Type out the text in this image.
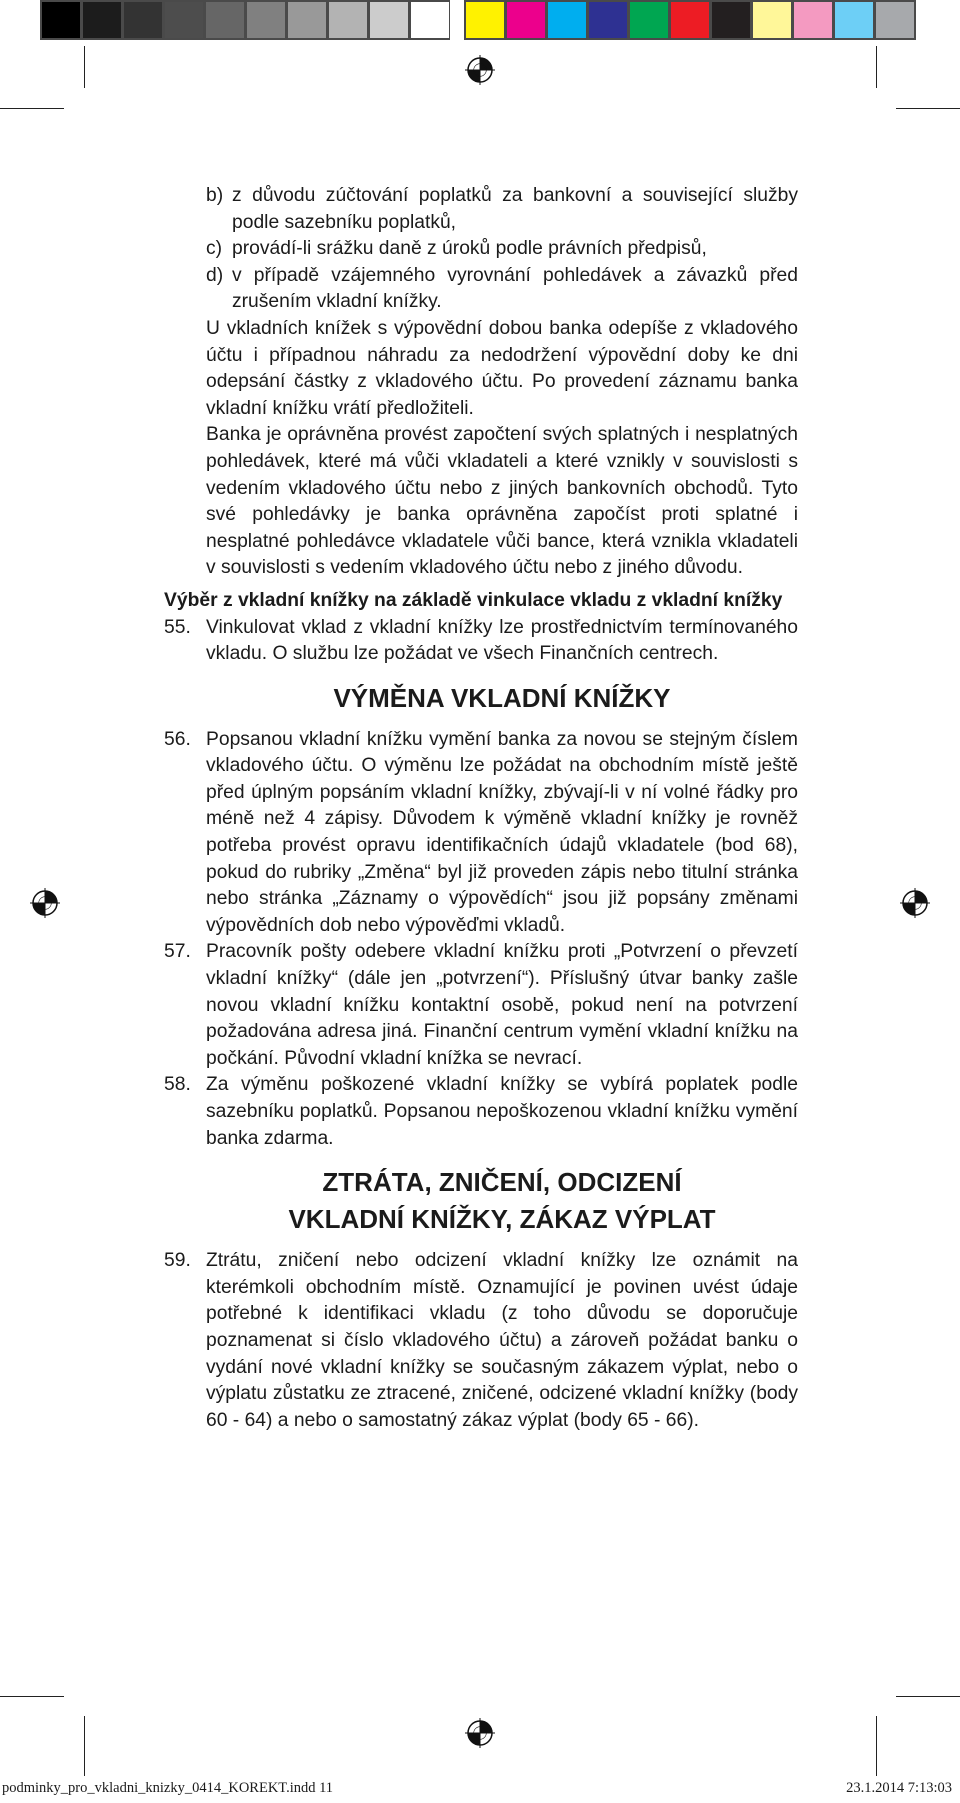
b) z důvodu zúčtování poplatků za bankovní a související služby podle sazebníku poplatků,
c) provádí-li srážku daně z úroků podle právních předpisů,
d) v případě vzájemného vyrovnání pohledávek a závazků před zrušením vkladní knížky.

U vkladních knížek s výpovědní dobou banka odepíše z vkladového účtu i případnou náhradu za nedodržení výpovědní doby ke dni odepsání částky z vkladového účtu. Po provedení záznamu banka vkladní knížku vrátí předložiteli.

Banka je oprávněna provést započtení svých splatných i nesplatných pohledávek, které má vůči vkladateli a které vznikly v souvislosti s vedením vkladového účtu nebo z jiných bankovních obchodů. Tyto své pohledávky je banka oprávněna započíst proti splatné i nesplatné pohledávce vkladatele vůči bance, která vznikla vkladateli v souvislosti s vedením vkladového účtu nebo z jiného důvodu.

Výběr z vkladní knížky na základě vinkulace vkladu z vkladní knížky

55. Vinkulovat vklad z vkladní knížky lze prostřednictvím termínovaného vkladu. O službu lze požádat ve všech Finančních centrech.
VÝMĚNA VKLADNÍ KNÍŽKY
56. Popsanou vkladní knížku vymění banka za novou se stejným číslem vkladového účtu. O výměnu lze požádat na obchodním místě ještě před úplným popsáním vkladní knížky, zbývají-li v ní volné řádky pro méně než 4 zápisy. Důvodem k výměně vkladní knížky je rovněž potřeba provést opravu identifikačních údajů vkladatele (bod 68), pokud do rubriky „Změna“ byl již proveden zápis nebo titulní stránka nebo stránka „Záznamy o výpovědích“ jsou již popsány změnami výpovědních dob nebo výpověďmi vkladů.
57. Pracovník pošty odebere vkladní knížku proti „Potvrzení o převzetí vkladní knížky“ (dále jen „potvrzení“). Příslušný útvar banky zašle novou vkladní knížku kontaktní osobě, pokud není na potvrzení požadována adresa jiná. Finanční centrum vymění vkladní knížku na počkání. Původní vkladní knížka se nevrací.
58. Za výměnu poškozené vkladní knížky se vybírá poplatek podle sazebníku poplatků. Popsanou nepoškozenou vkladní knížku vymění banka zdarma.
ZTRÁTA, ZNIČENÍ, ODCIZENÍ
VKLADNÍ KNÍŽKY, ZÁKAZ VÝPLAT
59. Ztrátu, zničení nebo odcizení vkladní knížky lze oznámit na kterémkoli obchodním místě. Oznamující je povinen uvést údaje potřebné k identifikaci vkladu (z toho důvodu se doporučuje poznamenat si číslo vkladového účtu) a zároveň požádat banku o vydání nové vkladní knížky se současným zákazem výplat, nebo o výplatu zůstatku ze ztracené, zničené, odcizené vkladní knížky (body 60 - 64) a nebo o samostatný zákaz výplat (body 65 - 66).
podminky_pro_vkladni_knizky_0414_KOREKT.indd 11	23.1.2014 7:13:03
